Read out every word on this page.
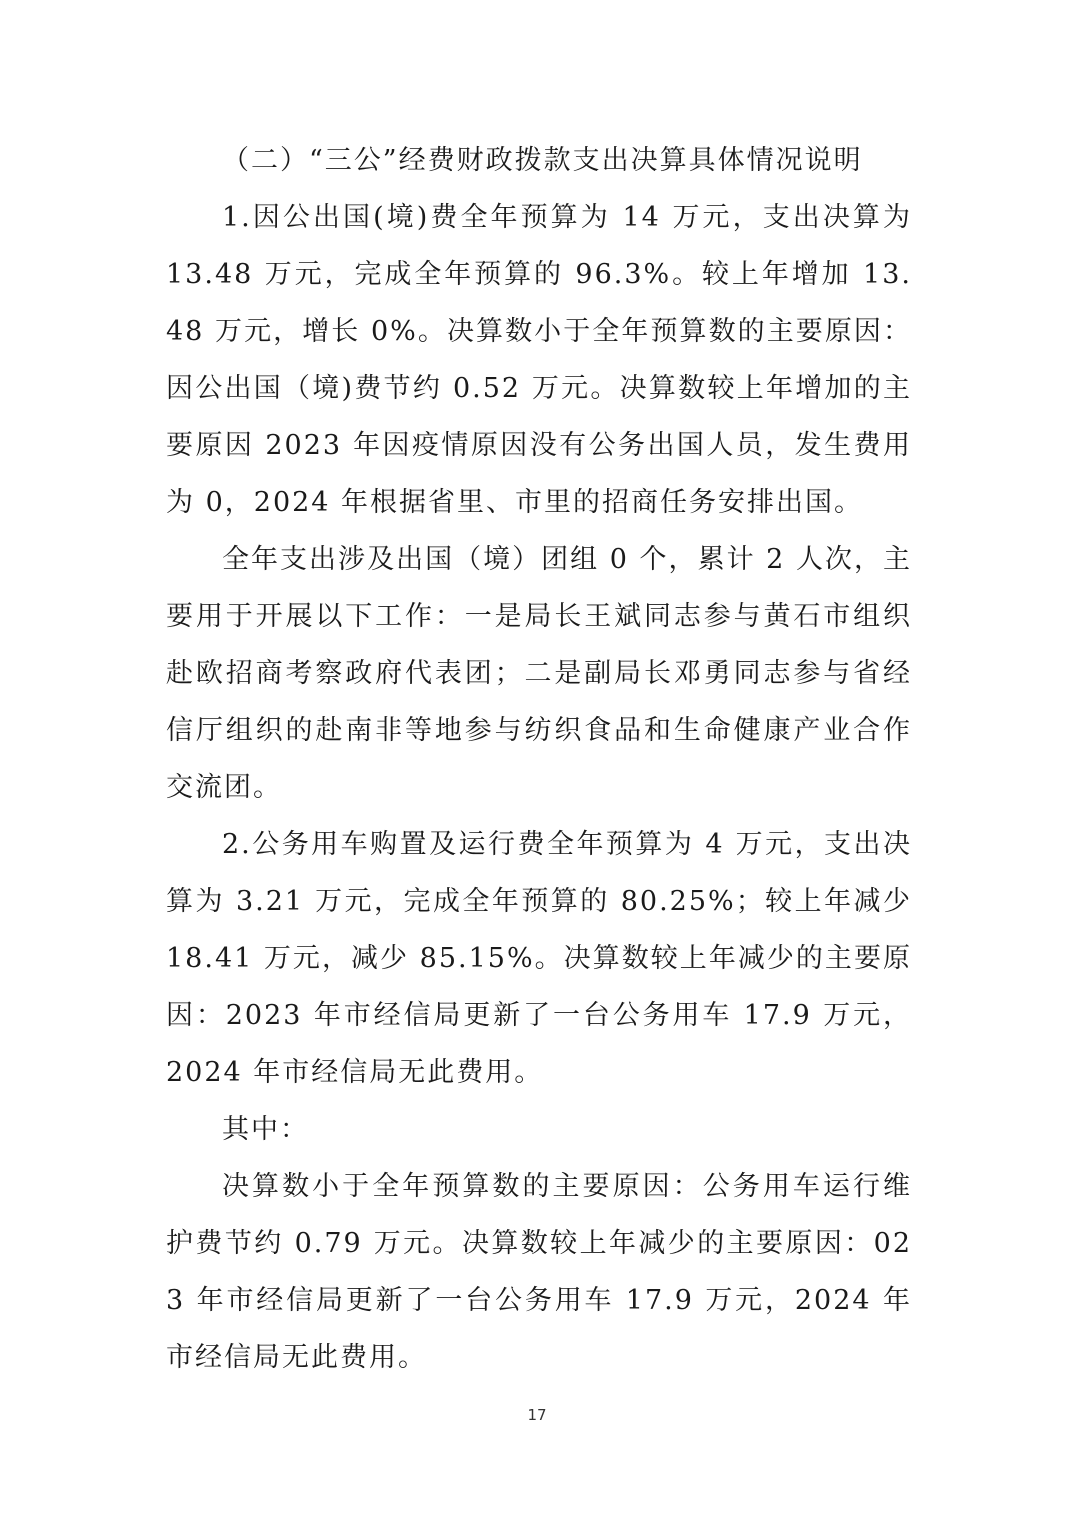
（二）“三公”经费财政拨款支出决算具体情况说明

1.因公出国(境)费全年预算为 14 万元，支出决算为 13.48 万元，完成全年预算的 96.3%。较上年增加 13.48 万元，增长 0%。决算数小于全年预算数的主要原因：因公出国（境)费节约 0.52 万元。决算数较上年增加的主要原因 2023 年因疫情原因没有公务出国人员，发生费用为 0，2024 年根据省里、市里的招商任务安排出国。

全年支出涉及出国（境）团组 0 个，累计 2 人次，主要用于开展以下工作：一是局长王斌同志参与黄石市组织赴欧招商考察政府代表团；二是副局长邓勇同志参与省经信厅组织的赴南非等地参与纺织食品和生命健康产业合作交流团。

2.公务用车购置及运行费全年预算为 4 万元，支出决算为 3.21 万元，完成全年预算的 80.25%；较上年减少 18.41 万元，减少 85.15%。决算数较上年减少的主要原因：2023 年市经信局更新了一台公务用车 17.9 万元，2024 年市经信局无此费用。

其中：

决算数小于全年预算数的主要原因：公务用车运行维护费节约 0.79 万元。决算数较上年减少的主要原因：023 年市经信局更新了一台公务用车 17.9 万元，2024 年市经信局无此费用。

17
